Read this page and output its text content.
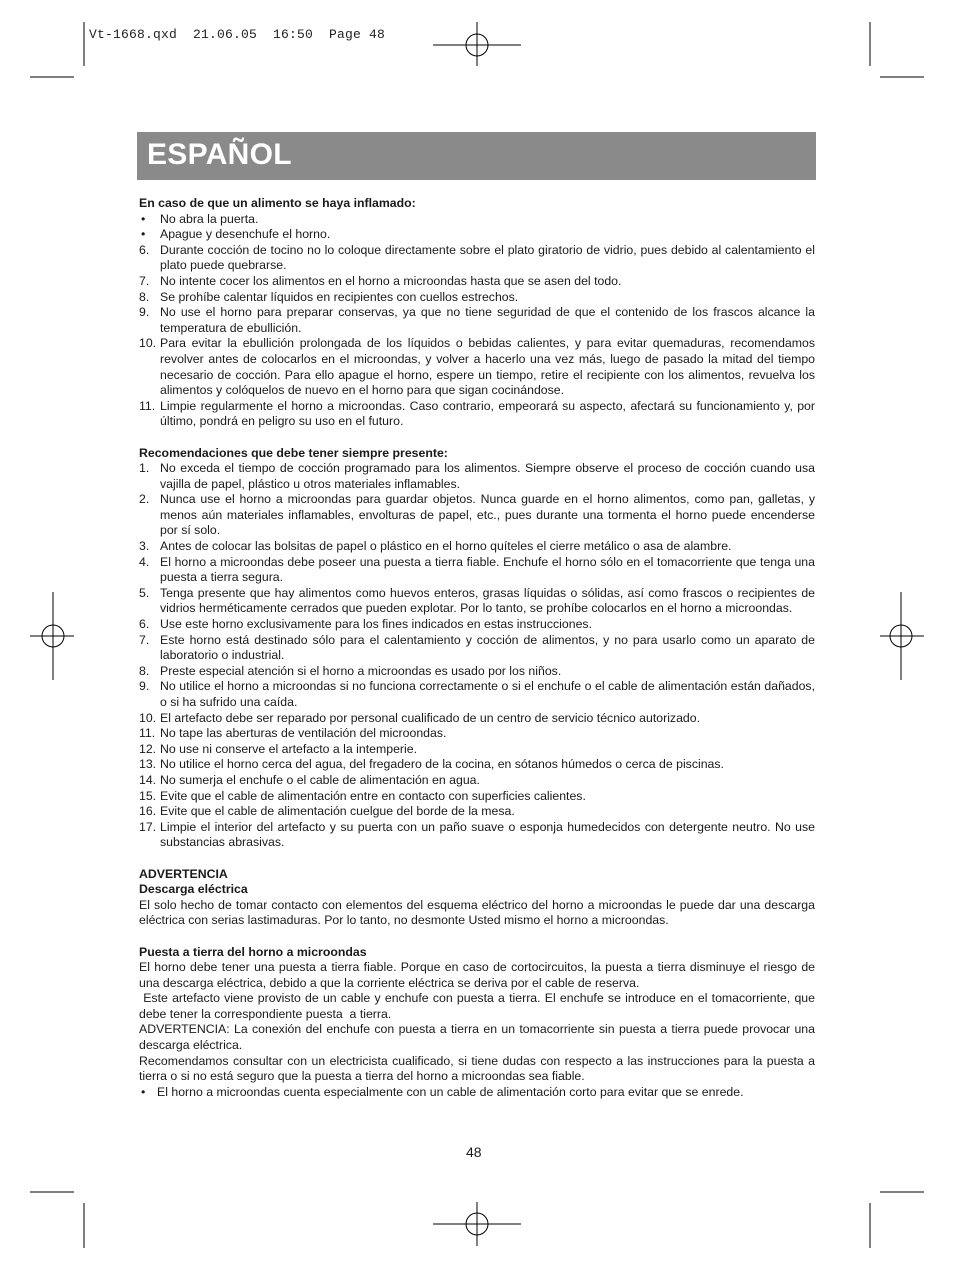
Vt-1668.qxd  21.06.05  16:50  Page 48
ESPAÑOL
En caso de que un alimento se haya inflamado:
•	No abra la puerta.
•	Apague y desenchufe el horno.
6. Durante cocción de tocino no lo coloque directamente sobre el plato giratorio de vidrio, pues debido al calentamiento el plato puede quebrarse.
7. No intente cocer los alimentos en el horno a microondas hasta que se asen del todo.
8. Se prohíbe calentar líquidos en recipientes con cuellos estrechos.
9. No use el horno para preparar conservas, ya que no tiene seguridad de que el contenido de los frascos alcance la temperatura de ebullición.
10. Para evitar la ebullición prolongada de los líquidos o bebidas calientes, y para evitar quemaduras, recomendamos revolver antes de colocarlos en el microondas, y volver a hacerlo una vez más, luego de pasado la mitad del tiempo necesario de cocción. Para ello apague el horno, espere un tiempo, retire el recipiente con los alimentos, revuelva los alimentos y colóquelos de nuevo en el horno para que sigan cocinándose.
11. Limpie regularmente el horno a microondas. Caso contrario, empeorará su aspecto, afectará su funcionamiento y, por último, pondrá en peligro su uso en el futuro.
Recomendaciones que debe tener siempre presente:
1. No exceda el tiempo de cocción programado para los alimentos. Siempre observe el proceso de cocción cuando usa vajilla de papel, plástico u otros materiales inflamables.
2. Nunca use el horno a microondas para guardar objetos. Nunca guarde en el horno alimentos, como pan, galletas, y menos aún materiales inflamables, envolturas de papel, etc., pues durante una tormenta el horno puede encenderse por sí solo.
3. Antes de colocar las bolsitas de papel o plástico en el horno quíteles el cierre metálico o asa de alambre.
4. El horno a microondas debe poseer una puesta a tierra fiable. Enchufe el horno sólo en el tomacorriente que tenga una puesta a tierra segura.
5. Tenga presente que hay alimentos como huevos enteros, grasas líquidas o sólidas, así como frascos o recipientes de vidrios herméticamente cerrados que pueden explotar. Por lo tanto, se prohíbe colocarlos en el horno a microondas.
6. Use este horno exclusivamente para los fines indicados en estas instrucciones.
7. Este horno está destinado sólo para el calentamiento y cocción de alimentos, y no para usarlo como un aparato de laboratorio o industrial.
8. Preste especial atención si el horno a microondas es usado por los niños.
9. No utilice el horno a microondas si no funciona correctamente o si el enchufe o el cable de alimentación están dañados, o si ha sufrido una caída.
10. El artefacto debe ser reparado por personal cualificado de un centro de servicio técnico autorizado.
11. No tape las aberturas de ventilación del microondas.
12. No use ni conserve el artefacto a la intemperie.
13. No utilice el horno cerca del agua, del fregadero de la cocina, en sótanos húmedos o cerca de piscinas.
14. No sumerja el enchufe o el cable de alimentación en agua.
15. Evite que el cable de alimentación entre en contacto con superficies calientes.
16. Evite que el cable de alimentación cuelgue del borde de la mesa.
17. Limpie el interior del artefacto y su puerta con un paño suave o esponja humedecidos con detergente neutro. No use substancias abrasivas.
ADVERTENCIA
Descarga eléctrica
El solo hecho de tomar contacto con elementos del esquema eléctrico del horno a microondas le puede dar una descarga eléctrica con serias lastimaduras. Por lo tanto, no desmonte Usted mismo el horno a microondas.
Puesta a tierra del horno a microondas
El horno debe tener una puesta a tierra fiable. Porque en caso de cortocircuitos, la puesta a tierra disminuye el riesgo de una descarga eléctrica, debido a que la corriente eléctrica se deriva por el cable de reserva.
Este artefacto viene provisto de un cable y enchufe con puesta a tierra. El enchufe se introduce en el tomacorriente, que debe tener la correspondiente puesta  a tierra.
ADVERTENCIA: La conexión del enchufe con puesta a tierra en un tomacorriente sin puesta a tierra puede provocar una descarga eléctrica.
Recomendamos consultar con un electricista cualificado, si tiene dudas con respecto a las instrucciones para la puesta a tierra o si no está seguro que la puesta a tierra del horno a microondas sea fiable.
• El horno a microondas cuenta especialmente con un cable de alimentación corto para evitar que se enrede.
48
